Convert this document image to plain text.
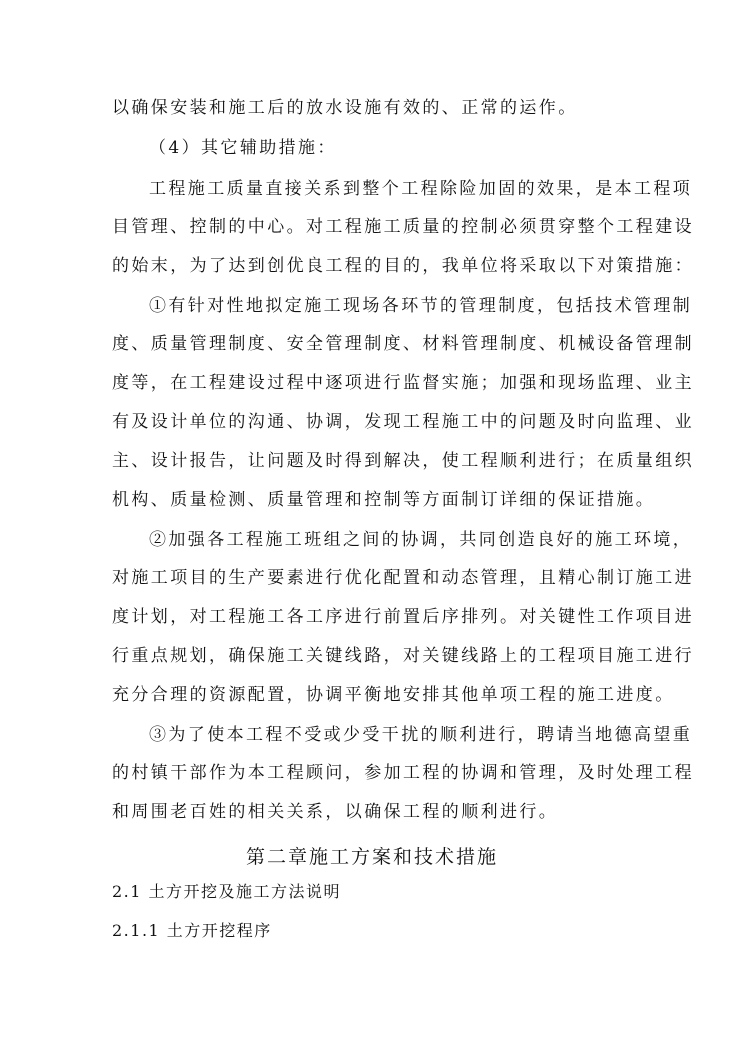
以确保安装和施工后的放水设施有效的、正常的运作。
（4）其它辅助措施：
工程施工质量直接关系到整个工程除险加固的效果，是本工程项
目管理、控制的中心。对工程施工质量的控制必须贯穿整个工程建设
的始末，为了达到创优良工程的目的，我单位将采取以下对策措施：
①有针对性地拟定施工现场各环节的管理制度，包括技术管理制
度、质量管理制度、安全管理制度、材料管理制度、机械设备管理制
度等，在工程建设过程中逐项进行监督实施；加强和现场监理、业主
有及设计单位的沟通、协调，发现工程施工中的问题及时向监理、业
主、设计报告，让问题及时得到解决，使工程顺利进行；在质量组织
机构、质量检测、质量管理和控制等方面制订详细的保证措施。
②加强各工程施工班组之间的协调，共同创造良好的施工环境，
对施工项目的生产要素进行优化配置和动态管理，且精心制订施工进
度计划，对工程施工各工序进行前置后序排列。对关键性工作项目进
行重点规划，确保施工关键线路，对关键线路上的工程项目施工进行
充分合理的资源配置，协调平衡地安排其他单项工程的施工进度。
③为了使本工程不受或少受干扰的顺利进行，聘请当地德高望重
的村镇干部作为本工程顾问，参加工程的协调和管理，及时处理工程
和周围老百姓的相关关系，以确保工程的顺利进行。
第二章施工方案和技术措施
2.1 土方开挖及施工方法说明
2.1.1 土方开挖程序
